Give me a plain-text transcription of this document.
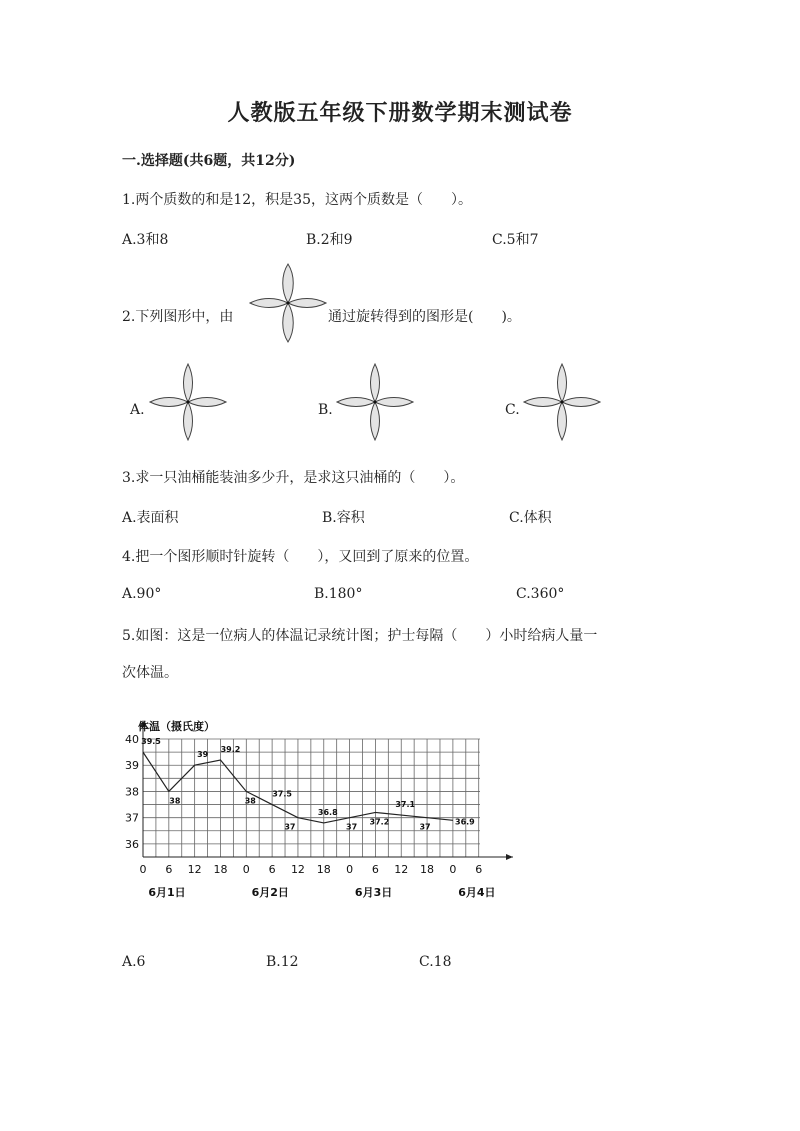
人教版五年级下册数学期末测试卷
一.选择题(共6题，共12分)
1.两个质数的和是12，积是35，这两个质数是（　　）。
A.3和8	B.2和9	C.5和7
2.下列图形中，由	通过旋转得到的图形是(　　)。
A.	B.	C.
3.求一只油桶能装油多少升，是求这只油桶的（　　）。
A.表面积	B.容积	C.体积
4.把一个图形顺时针旋转（　　），又回到了原来的位置。
A.90°	B.180°	C.360°
5.如图：这是一位病人的体温记录统计图；护士每隔（　　）小时给病人量一
次体温。
36
37
38
39
40
0 6 12 18 0 6 12 18 0 6 12 18 0 6
6月1日	6月2日	6月3日	6月4日
39.5
38
39
39.2
38
37.5
37
36.8
37
37.2
37.1
37
36.9
体温（摄氏度）
A.6	B.12	C.18
